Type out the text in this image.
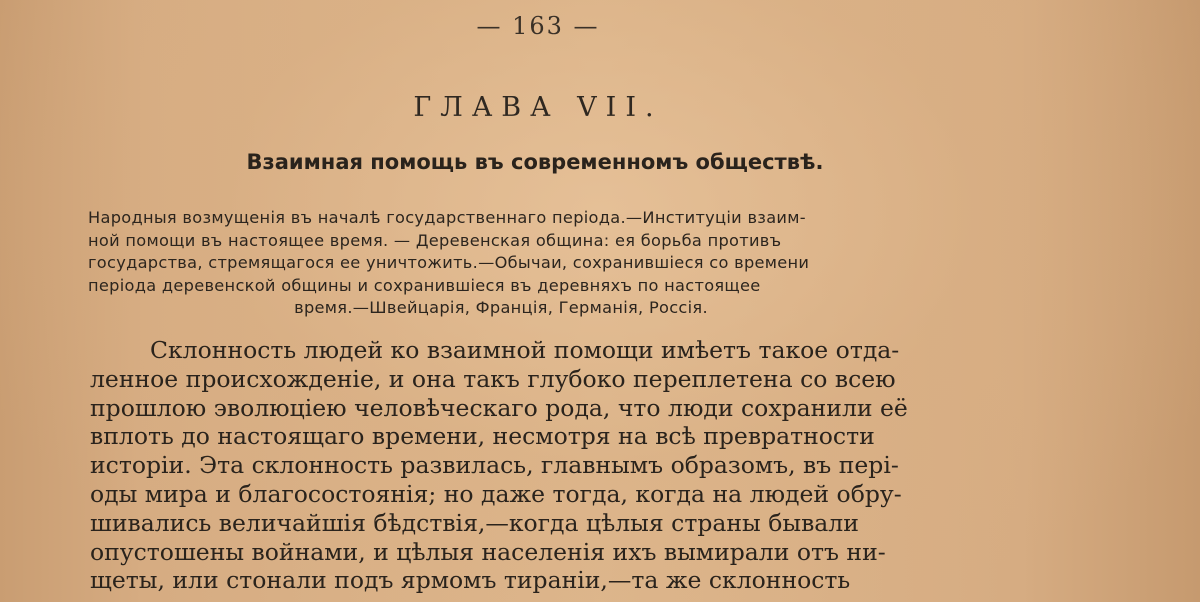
— 163 —
ГЛАВА VII.
Взаимная помощь въ современномъ обществѣ.
Народныя возмущенія въ началѣ государственнаго періода.—Институціи взаим-
ной помощи въ настоящее время. — Деревенская община: ея борьба противъ
государства, стремящагося ее уничтожить.—Обычаи, сохранившіеся со времени
періода деревенской общины и сохранившіеся въ деревняхъ по настоящее
время.—Швейцарія, Франція, Германія, Россія.
Склонность людей ко взаимной помощи имѣетъ такое отда-
ленное происхожденіе, и она такъ глубоко переплетена со всею
прошлою эволюціею человѣческаго рода, что люди сохранили её
вплоть до настоящаго времени, несмотря на всѣ превратности
исторіи. Эта склонность развилась, главнымъ образомъ, въ пері-
оды мира и благосостоянія; но даже тогда, когда на людей обру-
шивались величайшія бѣдствія,—когда цѣлыя страны бывали
опустошены войнами, и цѣлыя населенія ихъ вымирали отъ ни-
щеты, или стонали подъ ярмомъ тираніи,—та же склонность
